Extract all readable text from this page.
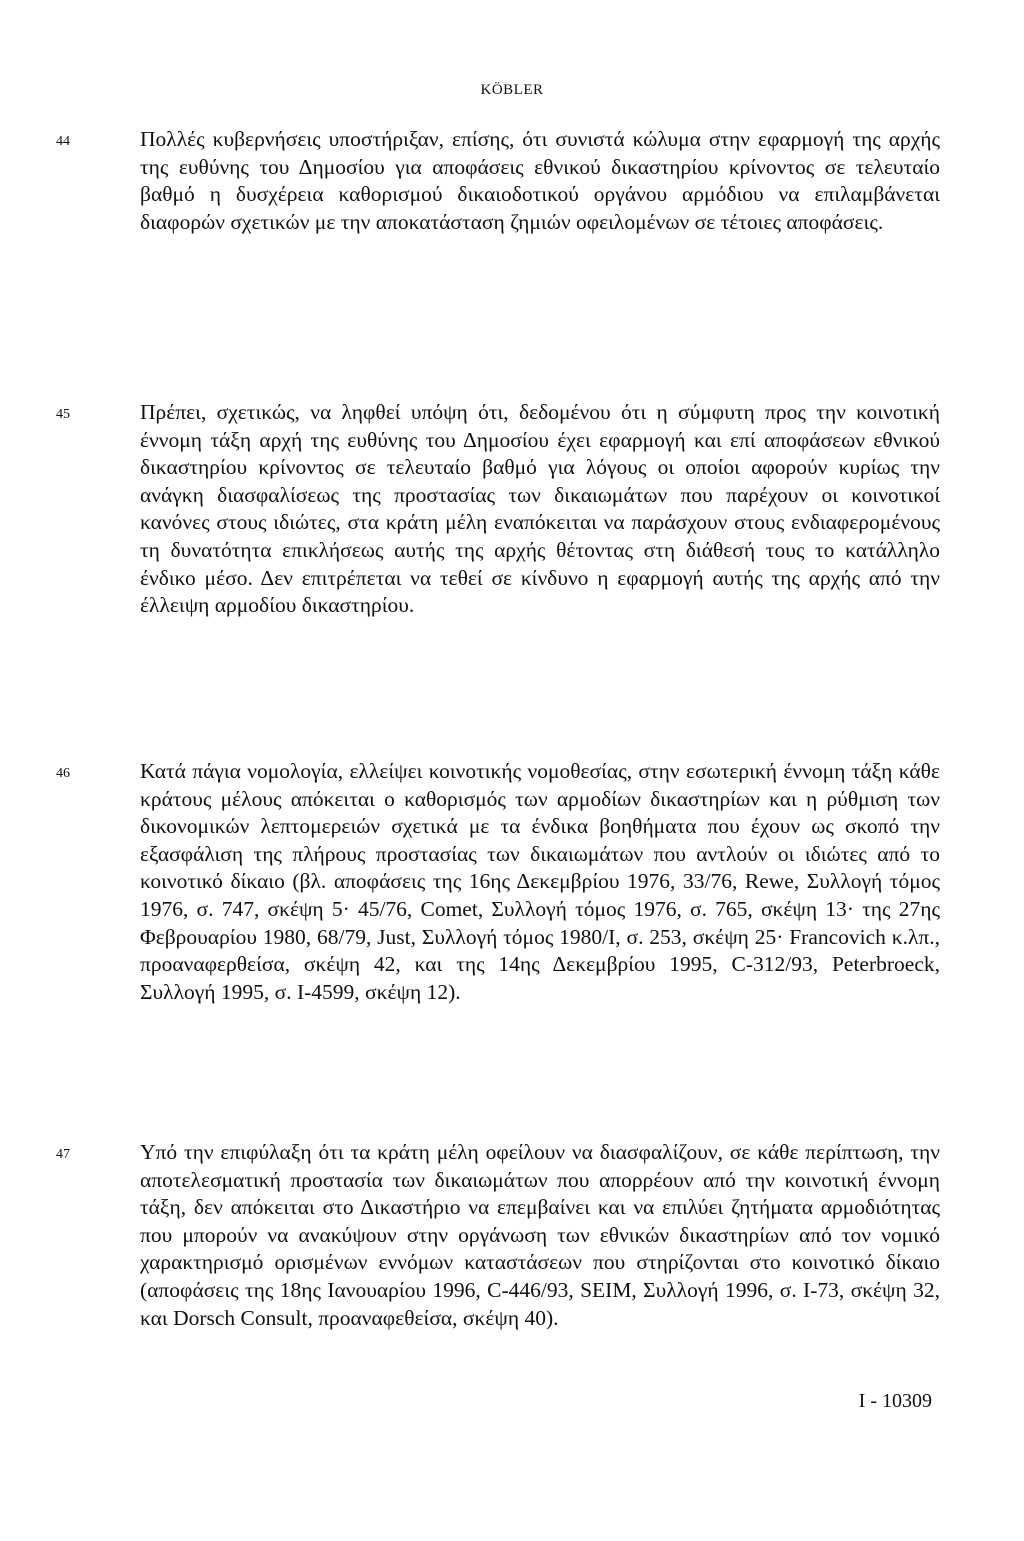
KÖBLER
44	Πολλές κυβερνήσεις υποστήριξαν, επίσης, ότι συνιστά κώλυμα στην εφαρμογή της αρχής της ευθύνης του Δημοσίου για αποφάσεις εθνικού δικαστηρίου κρίνοντος σε τελευταίο βαθμό η δυσχέρεια καθορισμού δικαιοδοτικού οργάνου αρμόδιου να επιλαμβάνεται διαφορών σχετικών με την αποκατάσταση ζημιών οφειλομένων σε τέτοιες αποφάσεις.

45	Πρέπει, σχετικώς, να ληφθεί υπόψη ότι, δεδομένου ότι η σύμφυτη προς την κοινοτική έννομη τάξη αρχή της ευθύνης του Δημοσίου έχει εφαρμογή και επί αποφάσεων εθνικού δικαστηρίου κρίνοντος σε τελευταίο βαθμό για λόγους οι οποίοι αφορούν κυρίως την ανάγκη διασφαλίσεως της προστασίας των δικαιωμάτων που παρέχουν οι κοινοτικοί κανόνες στους ιδιώτες, στα κράτη μέλη εναπόκειται να παράσχουν στους ενδιαφερομένους τη δυνατότητα επικλήσεως αυτής της αρχής θέτοντας στη διάθεσή τους το κατάλληλο ένδικο μέσο. Δεν επιτρέπεται να τεθεί σε κίνδυνο η εφαρμογή αυτής της αρχής από την έλλειψη αρμοδίου δικαστηρίου.

46	Κατά πάγια νομολογία, ελλείψει κοινοτικής νομοθεσίας, στην εσωτερική έννομη τάξη κάθε κράτους μέλους απόκειται ο καθορισμός των αρμοδίων δικαστηρίων και η ρύθμιση των δικονομικών λεπτομερειών σχετικά με τα ένδικα βοηθήματα που έχουν ως σκοπό την εξασφάλιση της πλήρους προστασίας των δικαιωμάτων που αντλούν οι ιδιώτες από το κοινοτικό δίκαιο (βλ. αποφάσεις της 16ης Δεκεμβρίου 1976, 33/76, Rewe, Συλλογή τόμος 1976, σ. 747, σκέψη 5· 45/76, Comet, Συλλογή τόμος 1976, σ. 765, σκέψη 13· της 27ης Φεβρουαρίου 1980, 68/79, Just, Συλλογή τόμος 1980/Ι, σ. 253, σκέψη 25· Francovich κ.λπ., προαναφερθείσα, σκέψη 42, και της 14ης Δεκεμβρίου 1995, C-312/93, Peterbroeck, Συλλογή 1995, σ. I-4599, σκέψη 12).

47	Υπό την επιφύλαξη ότι τα κράτη μέλη οφείλουν να διασφαλίζουν, σε κάθε περίπτωση, την αποτελεσματική προστασία των δικαιωμάτων που απορρέουν από την κοινοτική έννομη τάξη, δεν απόκειται στο Δικαστήριο να επεμβαίνει και να επιλύει ζητήματα αρμοδιότητας που μπορούν να ανακύψουν στην οργάνωση των εθνικών δικαστηρίων από τον νομικό χαρακτηρισμό ορισμένων εννόμων καταστάσεων που στηρίζονται στο κοινοτικό δίκαιο (αποφάσεις της 18ης Ιανουαρίου 1996, C-446/93, SEIM, Συλλογή 1996, σ. I-73, σκέψη 32, και Dorsch Consult, προαναφεθείσα, σκέψη 40).

I - 10309
